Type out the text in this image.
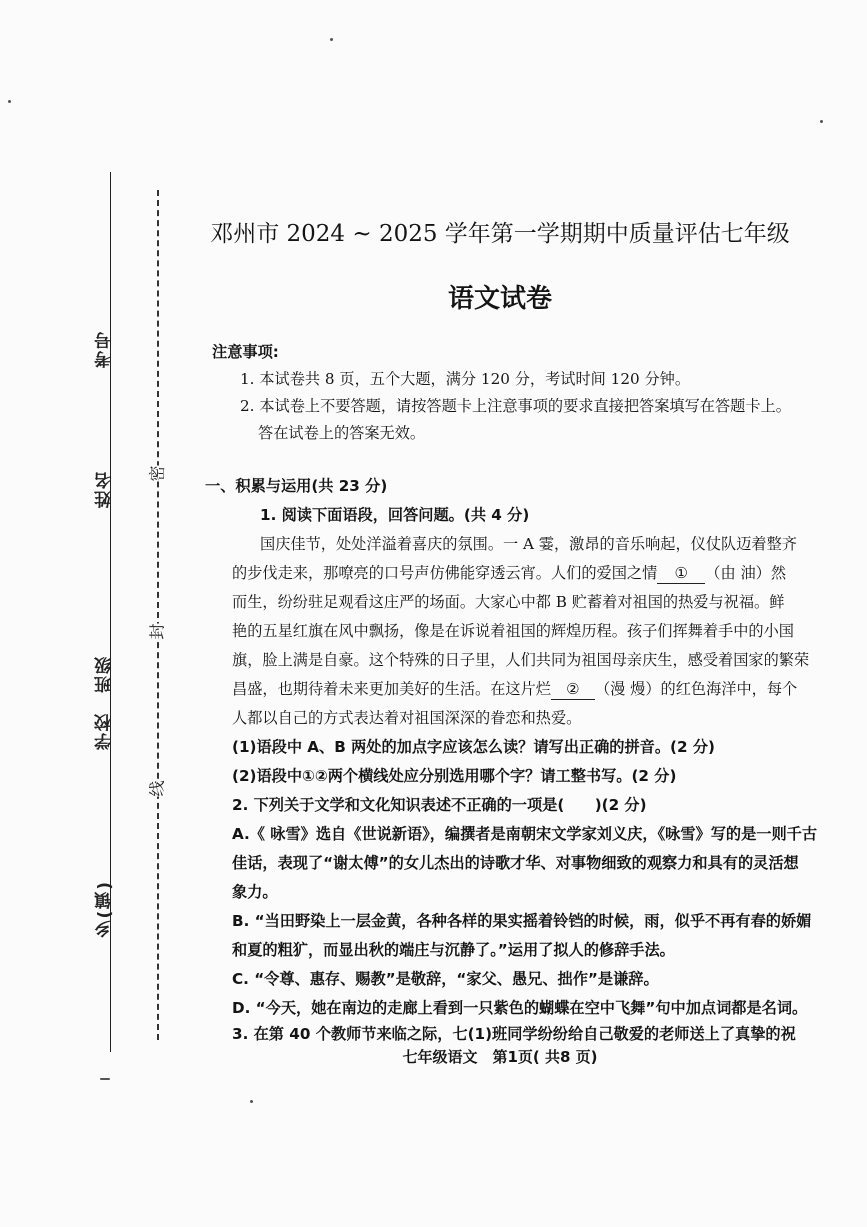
考号
姓名
班级
学校
乡(镇)
密
封
线
邓州市 2024 ~ 2025 学年第一学期期中质量评估七年级
语文试卷
注意事项:
1. 本试卷共 8 页，五个大题，满分 120 分，考试时间 120 分钟。
2. 本试卷上不要答题，请按答题卡上注意事项的要求直接把答案填写在答题卡上。
答在试卷上的答案无效。
一、积累与运用(共 23 分)
1. 阅读下面语段，回答问题。(共 4 分)
国庆佳节，处处洋溢着喜庆的氛围。一 A 霎，激昂的音乐响起，仪仗队迈着整齐
的步伐走来，那嘹亮的口号声仿佛能穿透云宵。人们的爱国之情 ① （由 油）然
而生，纷纷驻足观看这庄严的场面。大家心中都 B 贮蓄着对祖国的热爱与祝福。鲜
艳的五星红旗在风中飘扬，像是在诉说着祖国的辉煌历程。孩子们挥舞着手中的小国
旗，脸上满是自豪。这个特殊的日子里，人们共同为祖国母亲庆生，感受着国家的繁荣
昌盛，也期待着未来更加美好的生活。在这片烂 ② （漫 熳）的红色海洋中，每个
人都以自己的方式表达着对祖国深深的眷恋和热爱。
(1)语段中 A、B 两处的加点字应该怎么读？请写出正确的拼音。(2 分)
(2)语段中①②两个横线处应分别选用哪个字？请工整书写。(2 分)
2. 下列关于文学和文化知识表述不正确的一项是(　　)(2 分)
A.《 咏雪》选自《世说新语》，编撰者是南朝宋文学家刘义庆，《咏雪》写的是一则千古
佳话，表现了“谢太傅”的女儿杰出的诗歌才华、对事物细致的观察力和具有的灵活想
象力。
B. “当田野染上一层金黄，各种各样的果实摇着铃铛的时候，雨，似乎不再有春的娇媚
和夏的粗犷，而显出秋的端庄与沉静了。”运用了拟人的修辞手法。
C. “令尊、惠存、赐教”是敬辞，“家父、愚兄、拙作”是谦辞。
D. “今天，她在南边的走廊上看到一只紫色的蝴蝶在空中飞舞”句中加点词都是名词。
3. 在第 40 个教师节来临之际，七(1)班同学纷纷给自己敬爱的老师送上了真挚的祝
七年级语文　第1页( 共8 页)
